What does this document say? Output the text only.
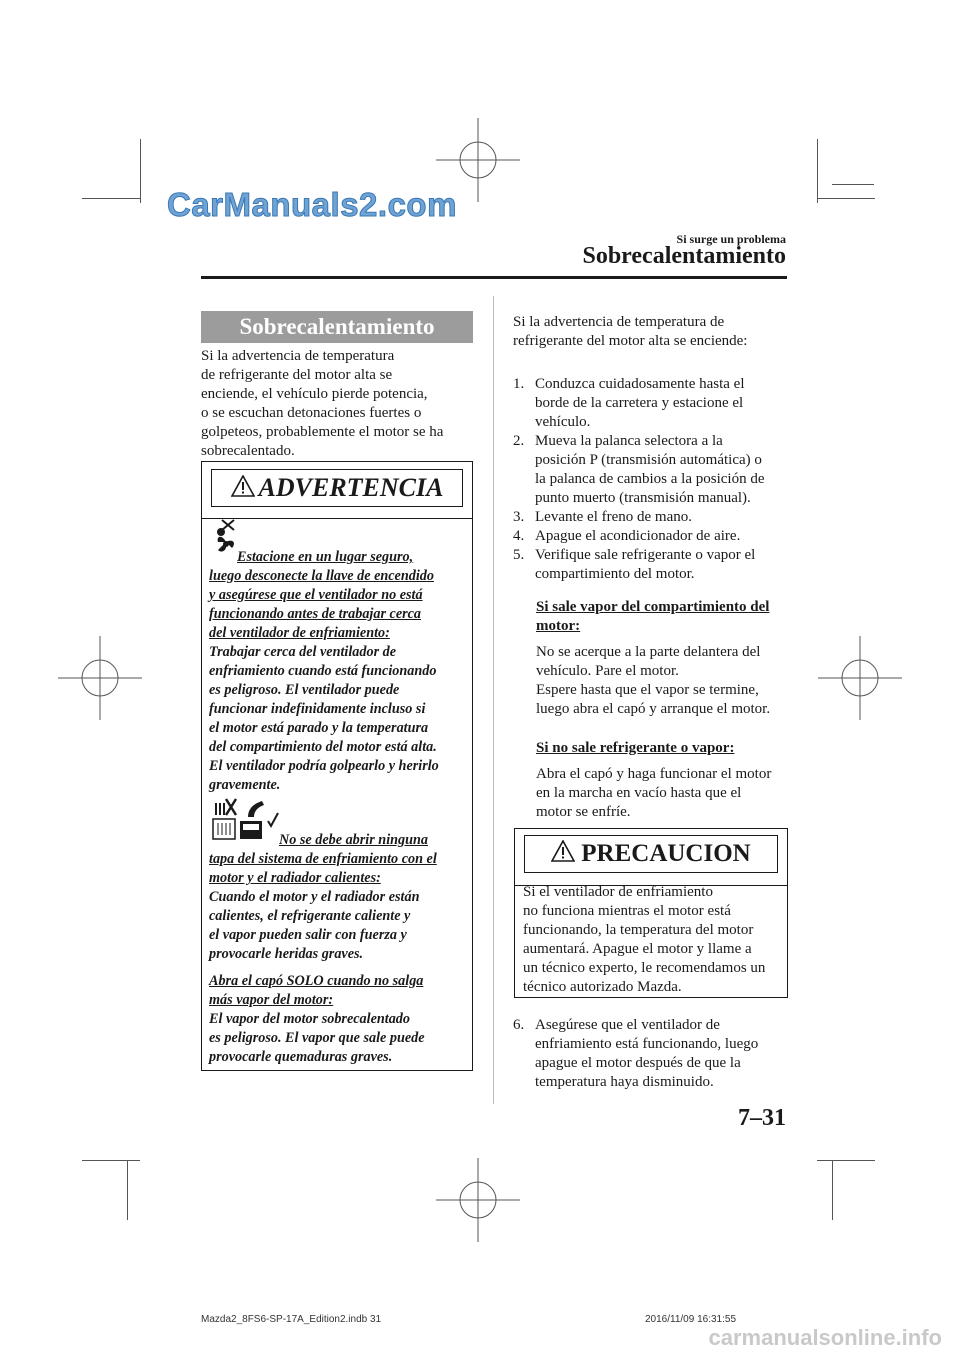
CarManuals2.com
carmanualsonline.info
Si surge un problema
Sobrecalentamiento
Sobrecalentamiento
Si la advertencia de temperatura
de refrigerante del motor alta se
enciende, el vehículo pierde potencia,
o se escuchan detonaciones fuertes o
golpeteos, probablemente el motor se ha
sobrecalentado.
ADVERTENCIA
Estacione en un lugar seguro,
luego desconecte la llave de encendido
y asegúrese que el ventilador no está
funcionando antes de trabajar cerca
del ventilador de enfriamiento:
Trabajar cerca del ventilador de
enfriamiento cuando está funcionando
es peligroso. El ventilador puede
funcionar indefinidamente incluso si
el motor está parado y la temperatura
del compartimiento del motor está alta.
El ventilador podría golpearlo y herirlo
gravemente.
No se debe abrir ninguna
tapa del sistema de enfriamiento con el
motor y el radiador calientes:
Cuando el motor y el radiador están
calientes, el refrigerante caliente y
el vapor pueden salir con fuerza y
provocarle heridas graves.
Abra el capó SOLO cuando no salga
más vapor del motor:
El vapor del motor sobrecalentado
es peligroso. El vapor que sale puede
provocarle quemaduras graves.
Si la advertencia de temperatura de
refrigerante del motor alta se enciende:
1. Conduzca cuidadosamente hasta el
borde de la carretera y estacione el
vehículo.
2. Mueva la palanca selectora a la
posición P (transmisión automática) o
la palanca de cambios a la posición de
punto muerto (transmisión manual).
3. Levante el freno de mano.
4. Apague el acondicionador de aire.
5. Verifique sale refrigerante o vapor el
compartimiento del motor.
Si sale vapor del compartimiento del
motor:
No se acerque a la parte delantera del
vehículo. Pare el motor.
Espere hasta que el vapor se termine,
luego abra el capó y arranque el motor.
Si no sale refrigerante o vapor:
Abra el capó y haga funcionar el motor
en la marcha en vacío hasta que el
motor se enfríe.
PRECAUCION
Si el ventilador de enfriamiento
no funciona mientras el motor está
funcionando, la temperatura del motor
aumentará. Apague el motor y llame a
un técnico experto, le recomendamos un
técnico autorizado Mazda.
6. Asegúrese que el ventilador de
enfriamiento está funcionando, luego
apague el motor después de que la
temperatura haya disminuido.
7–31
Mazda2_8FS6-SP-17A_Edition2.indb 31	2016/11/09 16:31:55
